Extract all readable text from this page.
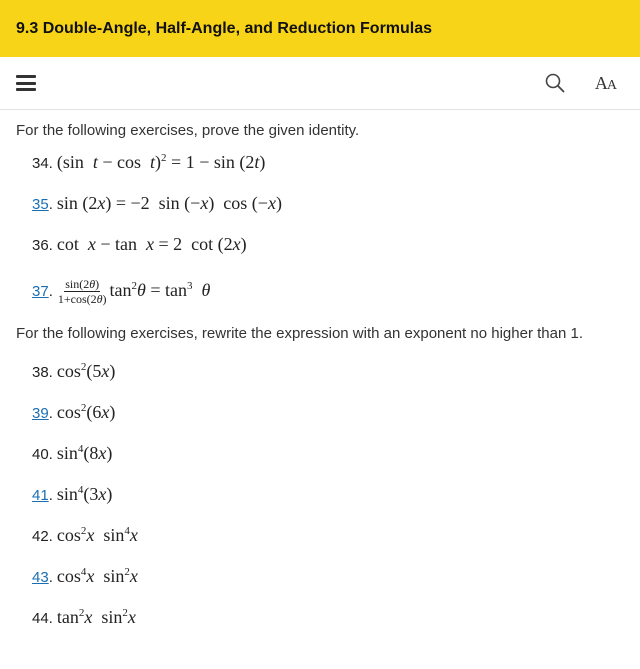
9.3 Double-Angle, Half-Angle, and Reduction Formulas
AA

For the following exercises, prove the given identity.

34. (sin  t − cos  t)$^2$ = 1 − sin (2t)
35 . sin (2x) = −2  sin (−x)  cos (−x)
36. cot  x − tan  x = 2  cot (2x)
37 . $\frac{\sin(2\theta)}{1+\cos(2\theta)} \tan^2\theta = \tan^3 \theta$

For the following exercises, rewrite the expression with an exponent no higher than 1.

38. $\cos^2(5x)$
39 . $\cos^2(6x)$
40. $\sin^4(8x)$
41 . $\sin^4(3x)$
42. $\cos^2x$  $\sin^4x$
43 . $\cos^4x$  $\sin^2x$
44. $\tan^2x$  $\sin^2x$
